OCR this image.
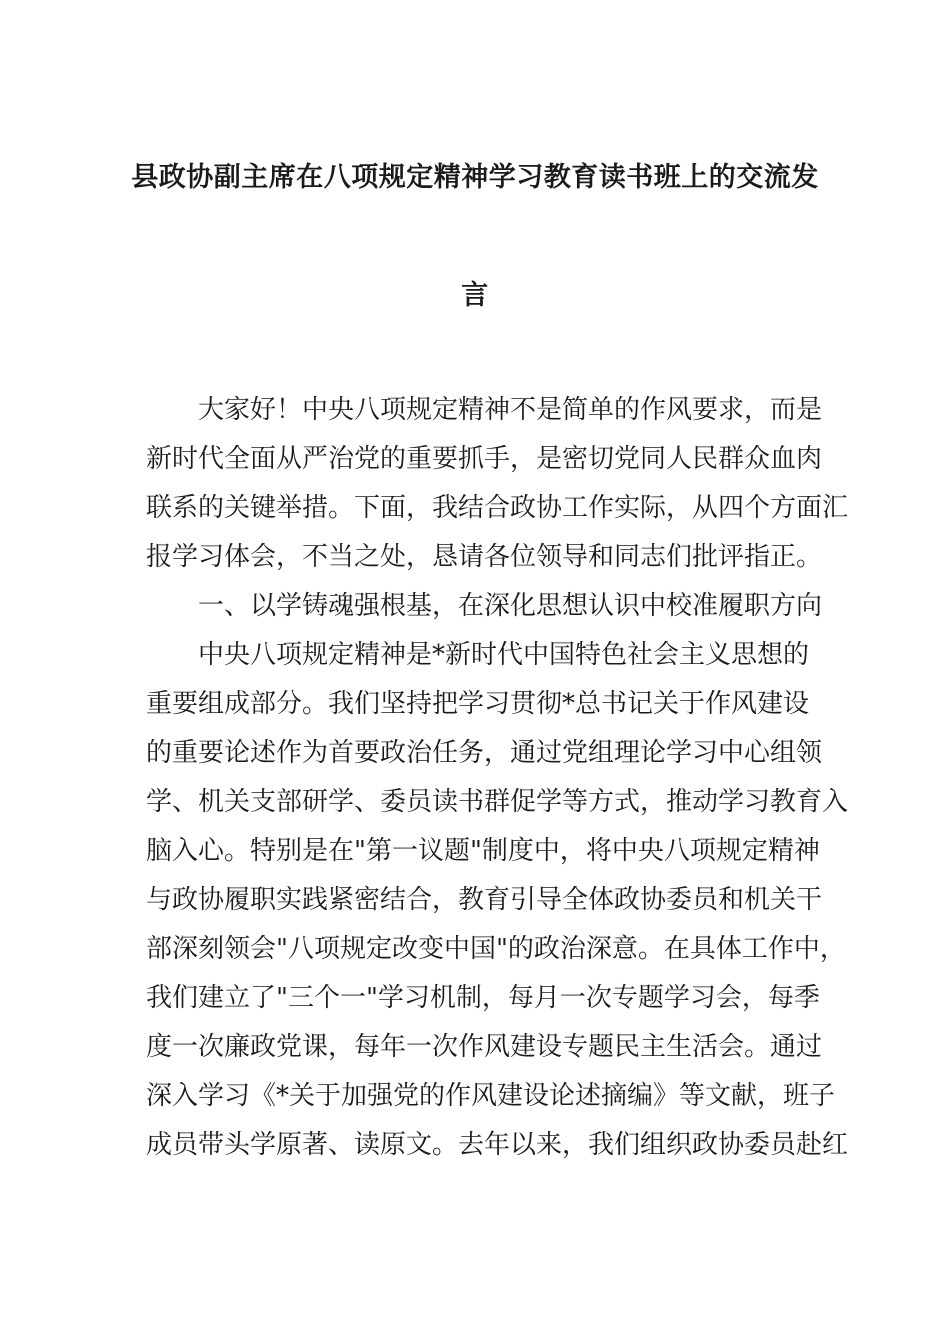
县政协副主席在八项规定精神学习教育读书班上的交流发
言
大家好！中央八项规定精神不是简单的作风要求，而是
新时代全面从严治党的重要抓手，是密切党同人民群众血肉
联系的关键举措。下面，我结合政协工作实际，从四个方面汇
报学习体会，不当之处，恳请各位领导和同志们批评指正。
一、以学铸魂强根基，在深化思想认识中校准履职方向
中央八项规定精神是*新时代中国特色社会主义思想的
重要组成部分。我们坚持把学习贯彻*总书记关于作风建设
的重要论述作为首要政治任务，通过党组理论学习中心组领
学、机关支部研学、委员读书群促学等方式，推动学习教育入
脑入心。特别是在"第一议题"制度中，将中央八项规定精神
与政协履职实践紧密结合，教育引导全体政协委员和机关干
部深刻领会"八项规定改变中国"的政治深意。在具体工作中，
我们建立了"三个一"学习机制，每月一次专题学习会，每季
度一次廉政党课，每年一次作风建设专题民主生活会。通过
深入学习《*关于加强党的作风建设论述摘编》等文献，班子
成员带头学原著、读原文。去年以来，我们组织政协委员赴红
